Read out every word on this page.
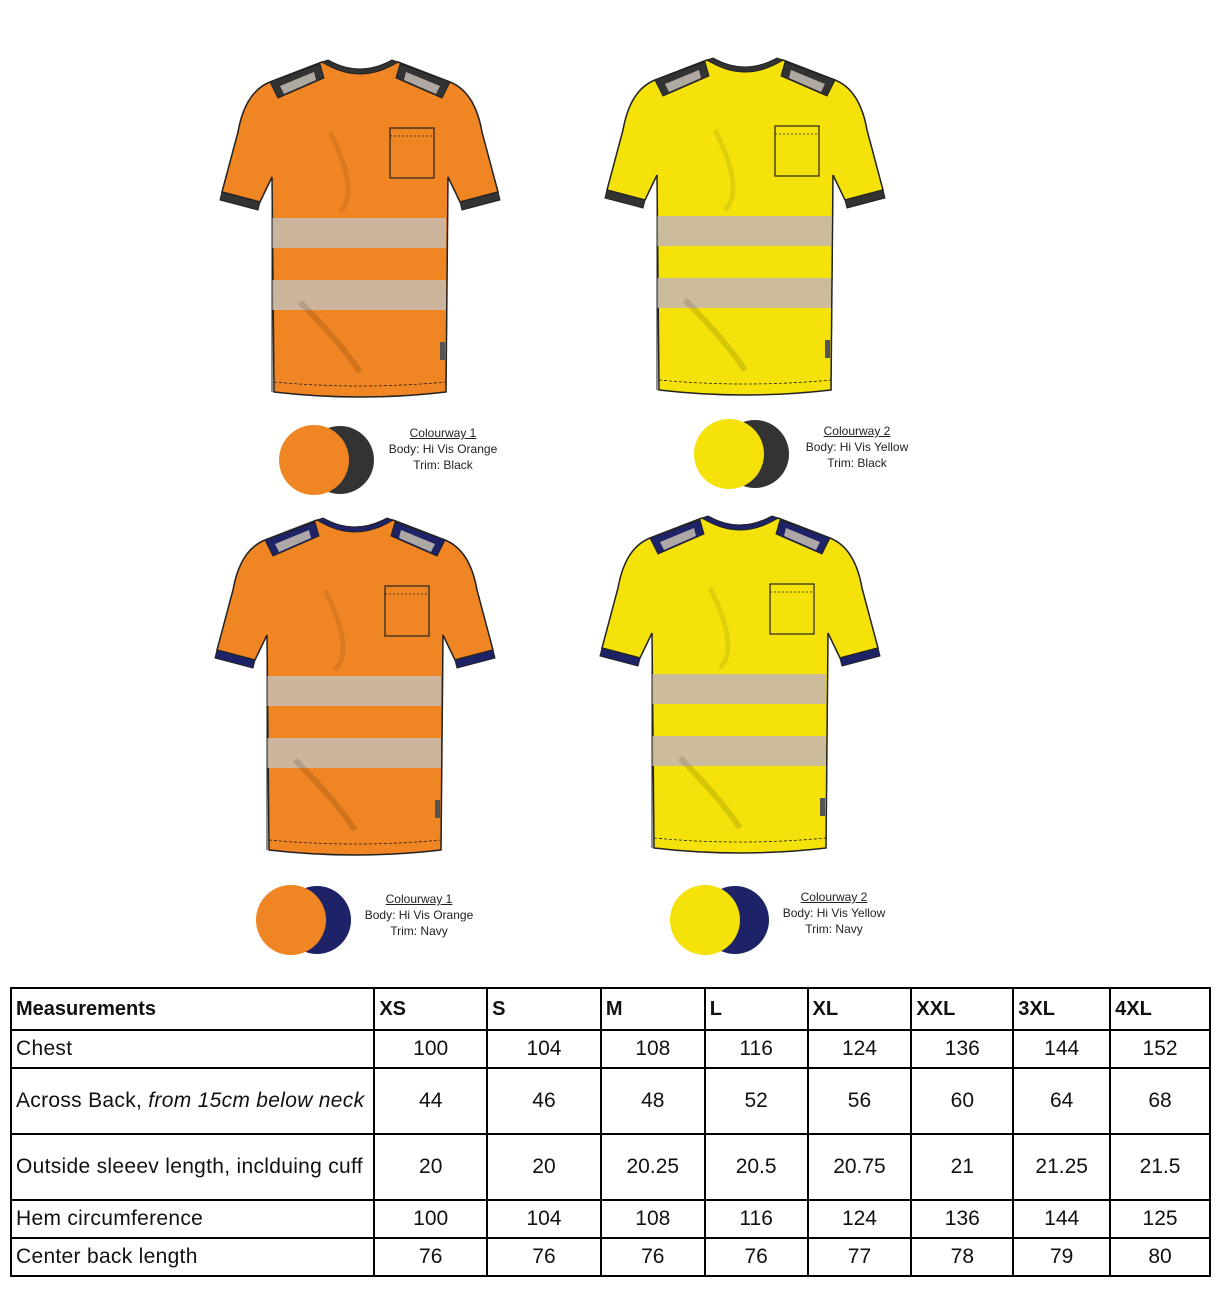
Colourway 1
Body: Hi Vis Orange
Trim: Black
Colourway 2
Body: Hi Vis Yellow
Trim: Black
Colourway 1
Body: Hi Vis Orange
Trim: Navy
Colourway 2
Body: Hi Vis Yellow
Trim: Navy
Measurements	XS	S	M	L	XL	XXL	3XL	4XL
Chest	100	104	108	116	124	136	144	152
Across Back, from 15cm below neck	44	46	48	52	56	60	64	68
Outside sleeev length, inclduing cuff	20	20	20.25	20.5	20.75	21	21.25	21.5
Hem circumference	100	104	108	116	124	136	144	125
Center back length	76	76	76	76	77	78	79	80
